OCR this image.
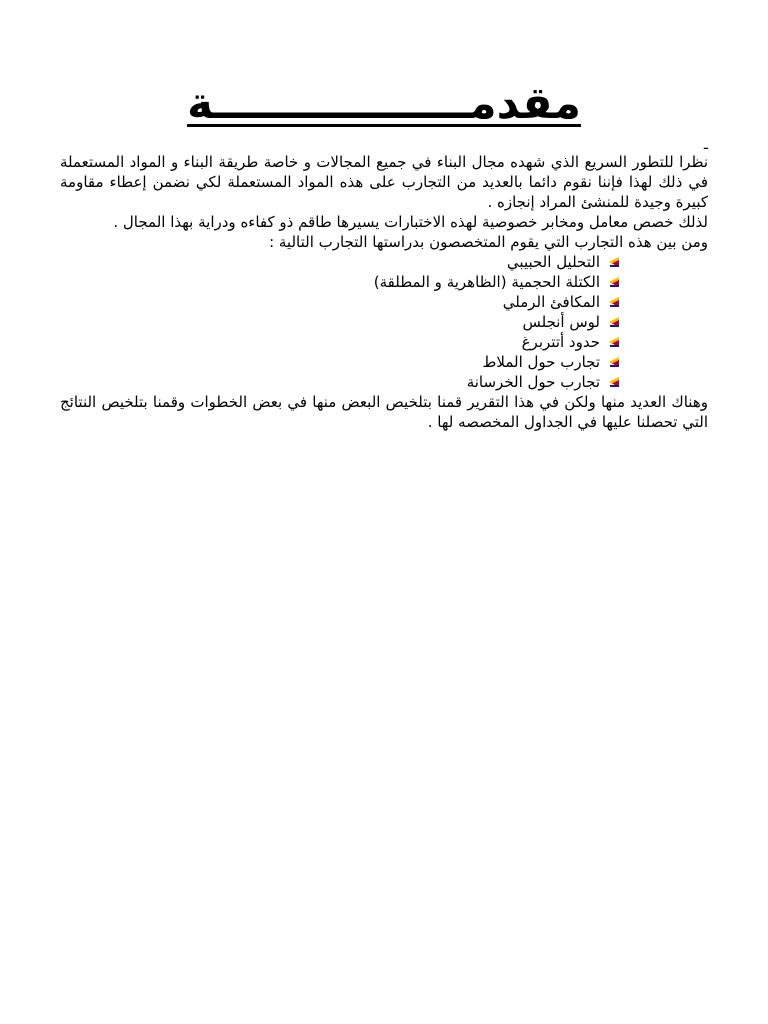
مقدمـــــــــــــــــة
ـ

نظرا للتطور السريع الذي شهده مجال البناء في جميع المجالات و خاصة طريقة البناء و المواد المستعملة في ذلك لهذا فإننا نقوم دائما بالعديد من التجارب على هذه المواد المستعملة لكي نضمن إعطاء مقاومة كبيرة وجيدة للمنشئ المراد إنجازه .

لذلك خصص معامل ومخابر خصوصية لهذه الاختبارات يسيرها طاقم ذو كفاءه ودراية بهذا المجال .

ومن بين هذه التجارب التي يقوم المتخصصون بدراستها التجارب التالية :

التحليل الحبيبي
الكتلة الحجمية (الظاهرية و المطلقة)
المكافئ الرملي
لوس أنجلس
حدود أتتربرغ
تجارب حول الملاط
تجارب حول الخرسانة

وهناك العديد منها ولكن في هذا التقرير قمنا بتلخيص البعض منها في بعض الخطوات وقمنا بتلخيص النتائج التي تحصلنا عليها في الجداول المخصصه لها .
